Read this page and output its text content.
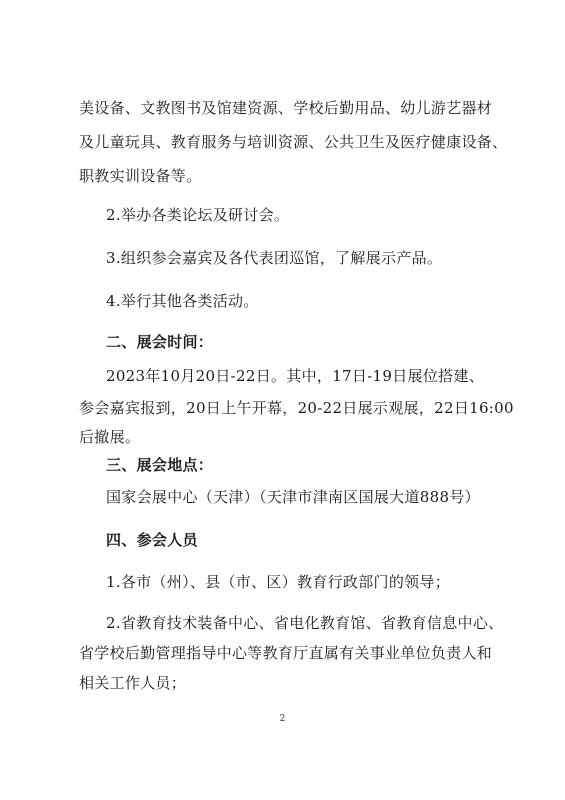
美设备、文教图书及馆建资源、学校后勤用品、幼儿游艺器材
及儿童玩具、教育服务与培训资源、公共卫生及医疗健康设备、
职教实训设备等。
2.举办各类论坛及研讨会。
3.组织参会嘉宾及各代表团巡馆，了解展示产品。
4.举行其他各类活动。
二、展会时间：
2023年10月20日-22日。其中，17日-19日展位搭建、
参会嘉宾报到，20日上午开幕，20-22日展示观展，22日16:00
后撤展。
三、展会地点：
国家会展中心（天津）（天津市津南区国展大道888号）
四、参会人员
1.各市（州）、县（市、区）教育行政部门的领导；
2.省教育技术装备中心、省电化教育馆、省教育信息中心、
省学校后勤管理指导中心等教育厅直属有关事业单位负责人和
相关工作人员；
2
